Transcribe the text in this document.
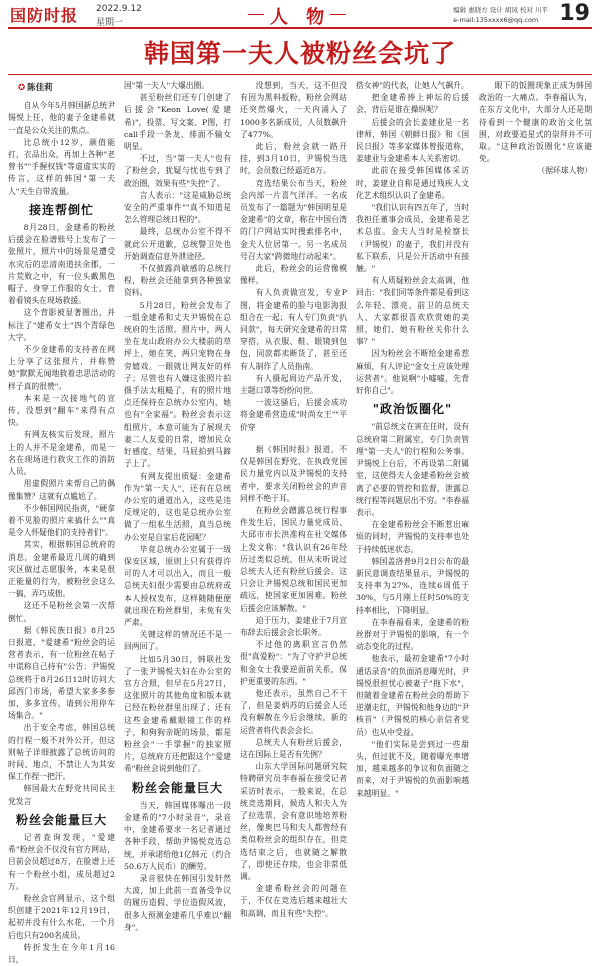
国防时报 2022.9.12
星期一	人 物	编辑 惠晓方 设计 胡凤 校对 川平
e-mail:135xxxx6@qq.com 19
韩国第一夫人被粉丝会坑了
✪ 陈佳莉

自从今年5月韩国新总统尹锡悦上任，他的妻子金建希就一直是公众关注的焦点。

比总统小12岁，颜值能打，衣品出众，再加上各种"老曾书""手握权钱"等虚虚实实的传言，这样的韩国"第一夫人"天生自带流量。

接连帮倒忙

8月28日，金建希的粉丝后援会在脸谱账号上发布了一张照片，照片中的场景是遭受水灾后的忠清南道扶余郡，一片荒败之中，有一位头戴黑色帽子、身穿工作服的女士，背着看镜头在现场救援。

这个背影被显著圈出，并标注了"建希女士"四个青绿色大字。

不少金建希的支持者在网上分享了这张照片，并称赞她"默默无闻地救着忠思活动的样子真的很赞"。

本来是一次接地气的宣传，没想到"翻车"来得有点快。

有网友核实后发现，照片上的人并不是金建希，而是一名在现场进行救灾工作的消防人员。

用虚假照片来帮自己的偶像集赞？这就有点尴尬了。

不少韩国网民指责，"硬拿着不见脸的照片来搞什么""真是令人怀疑他们的支持者们"。

其实，根据韩国总统府的消息，金建希最近几周的确到灾区做过志愿服务，本来是很正能量的行为，被粉丝会这么一搞，弄巧成拙。

这还不是粉丝会第一次帮倒忙。

据《韩民族日报》8月25日报道，"爱建希"粉丝会的运营者表示，有一位粉丝在帖子中谎称自己持有"公告：尹锡悦总统将于8月26日12时访问大邱西门市场，希望大家多多参加，多多宣传。请到公用停车场集合。"

出于安全考虑，韩国总统的行程一般不对外公开，但这则帖子详细披露了总统访问的时间、地点，不禁让人为其安保工作捏一把汗。

韩国最大在野党共同民主党发言

粉丝会能量巨大

记者查询发现，"爱建希"粉丝会不仅没有官方网站，目前会员超过8万，在脸谱上还有一个粉丝小组，成员超过2万。

粉丝会官网显示，这个组织创建于2021年12月19日，起初并没有什么水花，一个月后也只有200名成员。

转折发生在今年1月16日，

国"第一夫人"大爆出圈。

甚至粉丝们还专门创建了后援会"Keon Love(爱建希)"，投票、写文案、P图，打call手段一条龙，排面不输女明星。

不过，当"第一夫人"也有了粉丝会，犹疑与忧也专到了政治圈，效果有些"失控"了。

言人表示："这是威胁总统安全的严重事件""真不知道是怎么管理总统日程的"。

最终，总统办公室不得不就此公开道歉，总统警卫处也开始调查信息外泄途径。

不仅披露尚敏感的总统行程，粉丝会还能拿到各种独家资料。

5月28日，粉丝会发布了一组金建希和丈夫尹锡悦在总统府的生活照。照片中，两人坐在龙山政府办公大楼前的草坪上，她在笑，两只宠物在身旁嬉戏。一眼就让网友好的样子；尽管也有人嫌这张照片拍摄手法太粗糙了，有的照片地点还保持在总统办公室内，她也有"全家福"。粉丝会表示这组照片，本意可能为了展现夫妻二人友爱的日常，增加民众好感度，结果，马屁拍到马蹄子上了。

有网友提出质疑：金建希作为"第一夫人"，还有在总统办公室的通道出入，这些是违反规定的，这也是总统办公室做了一组私生活照，真当总统办公室是自家后花园呢？

毕竟总统办公室属于一级保安区域，原则上只有获得许可的人才可以出入，而且一般总统夫妇很少需要由总统府或本人授权发布，这样随随便便就出现在粉丝群里，未免有失严肃。

关键这样的情况还不是一回两回了。

比如5月30日，韩联社发了一张尹锡悦夫妇在办公室的官方合照，但早在5月27日，这张照片的其他角度和版本就已经在粉丝群里出现了；还有这些金建希戴眼镜工作的样子、和狗狗亲昵的场景，都是粉丝会"一手掌握"的独家照片，总统府方还把跟这个"爱建希"粉丝会说到他们了。

粉丝会能量巨大

当天，韩国媒体曝出一段金建希的"7小时录音"，录音中，金建希要求一名记者通过各种手段，帮助尹锡悦竞选总统，并承诺给他1亿韩元（约合50.6万人民币）的酬劳。

录音很快在韩国引发轩然大波，加上此前一直备受争议的履历造假、学位造假风波，很多人预测金建希几乎难以"翻身"。

没想到，当天，这不但没有因为黑料扳粉，粉丝会网站还突然爆火，一天内涌入了1000多名新成员，人员数飙升了477%。

此后，粉丝会就一路开挂，到3月10日，尹锡悦当选时，会员数已经逼近8万。

竞选结果公布当天，粉丝会内部一片喜气洋洋。一名成员发布了一篇题为"韩国明星是金建希"的文章，称在中国台湾的门户网站实时搜索排名中，金夫人位居第一。另一名成员号召大家"跨微地行动起来"。

此后，粉丝会的运营像模像样。

有人负责做宣发，专业P图，将金建希的脸与电影海报组合在一起；有人专门负责"扒同款"，每天研究金建希的日常穿搭，从衣服、鞋、眼镜到包包，同款都卖断货了，甚至还有人制作了人员指南。

有人摄起周边产品开发，主题口罩等纷纷问世。

一波这骚后，后援会成功将金建希营造成"时尚女王""平价穿

据《韩国时报》报道，不仅是韩国在野党，在执政党国民力量党内以及尹锡悦的支持者中，要求关闭粉丝会的声音同样不绝于耳。

在粉丝会蹭露总统行程事件发生后，国民力量党成员、大邱市市长洪准构在社交媒体上发文称："我认识有26年经历过类似总统，但从未听说过总统夫人还有粉丝后援会。这只会让尹锡悦总统和国民更加疏远，使国家更加困难。粉丝后援会应该解散。"

迫于压力，姜建业于7月宣布辞去后援会会长职务。

不过他的离职宣言仍然很"真爱粉"："为了守护尹总统和金女士我要逆面前关系，保护更重要的东西。"

他还表示，虽然自己不干了，但是姜炳苏的后援会人还没有解散在今后会继续，新的运营者将代表会会长。

总统夫人有粉丝后援会，这在国际上是否有先例？

山东大学国际问题研究院特聘研究员李春福在接受记者采访时表示，一般来说，在总统竞选期间，候选人和夫人为了拉选票，会有意识地培养粉丝，像奥巴马和夫人都曾经有类似粉丝会的组织存在，但竞选结束之后，也就随之解散了，即使还存续，也会非常低调。

金建希粉丝会的问题在于，不仅在竞选后越来越壮大和高调，而且有些"失控"。

搭女神"的代表，让她人气飙升。

把金建希捧上神坛的后援会，背后是谁在操纵呢？

后援会的会长姜建业是一名律师，韩国《朝鲜日报》和《国民日报》等多家媒体曾报道称，姜建业与金建希本人关系密切。

此前在接受韩国媒体采访时，姜建业自称是通过残疾人文化艺术组织认识了金建希。

"我们认识有四五年了，当时我担任董事会成员，金建希是艺术总监。金夫人当时是检察长（尹锡悦）的妻子，我们并没有私下联系，只是公开活动中有接触。"

有人质疑粉丝会太高调，他回击："我们同等条件都是看到这么年轻、漂亮、前卫的总统夫人，大家都很喜欢欣赏她的美照，她们、她有粉丝关你什么事？"

因为粉丝会不断给金建希惹麻烦，有人评论"金女士应该处理运营者"。他说啊"小嘘嘘，先背好你自己"。

"政治饭圈化"

"前总统文在寅在任时，设有总统府第二附属室，专门负责管理"第一夫人"的行程和公务事。尹锡悦上台后，不再设第二附属室，这使得夫人金建希粉丝会被离了必要的管控和监督，泄露总统行程等问题层出不穷。"李春福表示。

在金建希粉丝会不断惹出麻烦的同时，尹锡悦的支持率也处于持续低迷状态。

韩国盖洛普9月2日公布的最新民意调查结果显示，尹锡悦的支持率为27%，连续6周低于30%，与5月刚上任时50%的支持率相比，下降明显。

在李春福看来，金建希的粉丝群对于尹锡悦的影响，有一个动态变化的过程。

他表示，最初金建希"7小时通话录音"的负面消息曝光时，尹锡悦很担忧心被妻子"拖下水"，但随着金建希在粉丝会的帮助下逆潮走红，尹锡悦和他身边的"尹核首"（尹锡悦的核心亲信者党员）也从中受益。

"他们实际是尝到过一些甜头，但过犹不及，随着曝光率增加，越来越多的争议和负面随之而来，对于尹锡悦的负面影响越来越明显。"

眼下的饭圈现象正成为韩国政治的一大痛点。李春福认为，在东方文化中，大部分人还是期待看到一个健康的政治文化氛围，对政要追星式的崇拜并不可取。"这种政治饭圈化"应该避免。

（据环球人物）
